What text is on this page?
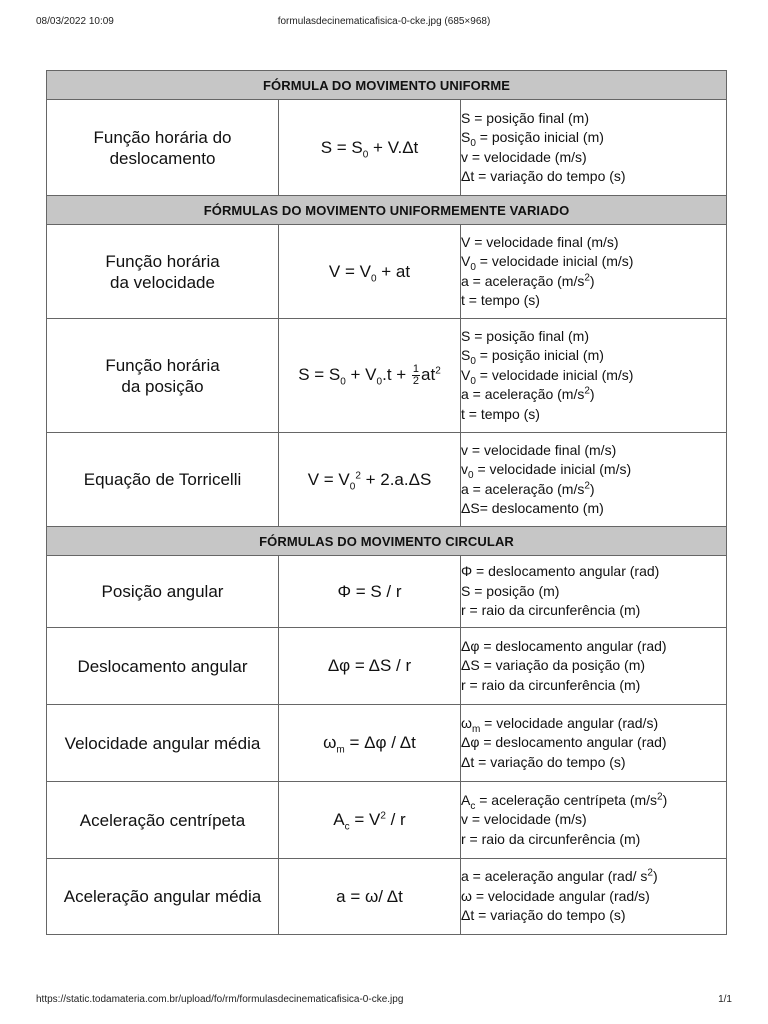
08/03/2022 10:09	formulasdecinematicafisica-0-cke.jpg (685×968)
FÓRMULA DO MOVIMENTO UNIFORME		
Função horária do
deslocamento	$S = S_0 + V.\Delta t$	S = posição final (m)
$S_0$ = posição inicial (m)
v = velocidade (m/s)
Δt = variação do tempo (s)

FÓRMULAS DO MOVIMENTO UNIFORMEMENTE VARIADO		
Função horária
da velocidade	$V = V_0$ + at	V = velocidade final (m/s)
$V_0$ = velocidade inicial (m/s)
a = aceleração $(m/s^2)$
t = tempo (s)

Função horária
da posição	$S = S_0 + V_0.t + \frac{1}{2} at^2$	S = posição final (m)
$S_0$ = posição inicial (m)
$V_0$ = velocidade inicial (m/s)
a = aceleração $(m/s^2)$
t = tempo (s)

Equação de Torricelli	$V = V_0^2 + 2.a.\Delta S$	v = velocidade final (m/s)
$v_0$ = velocidade inicial (m/s)
a = aceleração $(m/s^2)$
ΔS= deslocamento (m)

FÓRMULAS DO MOVIMENTO CIRCULAR		
Posição angular	Φ = S / r	Φ = deslocamento angular (rad)
S = posição (m)
r = raio da circunferência (m)

Deslocamento angular	Δφ = ΔS / r	Δφ = deslocamento angular (rad)
ΔS = variação da posição (m)
r = raio da circunferência (m)

Velocidade angular média	$\omega_m = \Delta\varphi / \Delta t$	$\omega_m$ = velocidade angular (rad/s)
Δφ = deslocamento angular (rad)
Δt = variação do tempo (s)

Aceleração centrípeta	$A_c = V^2 / r$	$A_c$ = aceleração centrípeta $(m/s^2)$
v = velocidade (m/s)
r = raio da circunferência (m)

Aceleração angular média	a = ω/ Δt	a = aceleração angular (rad/ $s^2$)
ω = velocidade angular (rad/s)
Δt = variação do tempo (s)
https://static.todamateria.com.br/upload/fo/rm/formulasdecinematicafisica-0-cke.jpg	1/1
